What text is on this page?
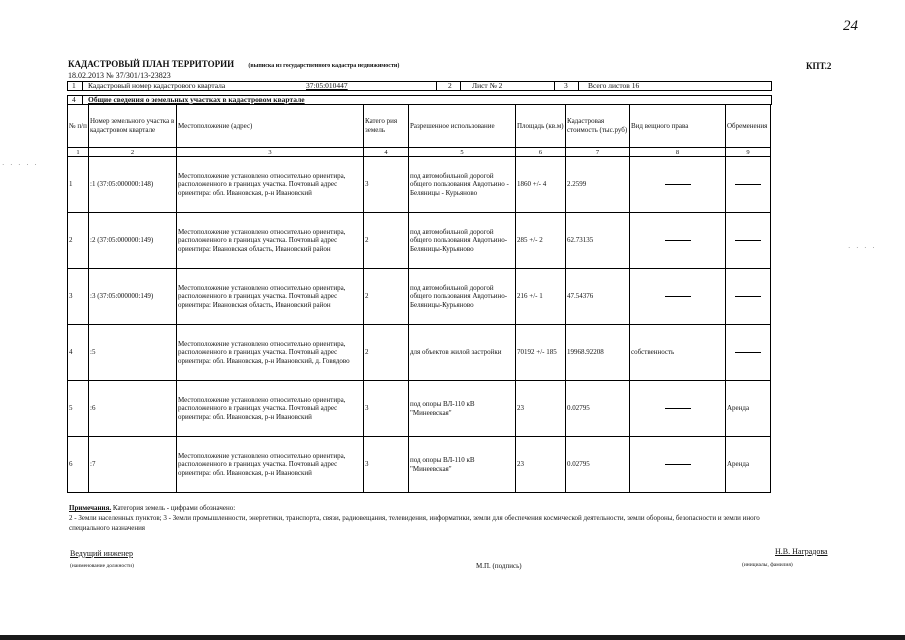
24
КАДАСТРОВЫЙ ПЛАН ТЕРРИТОРИИ (выписка из государственного кадастра недвижимости)	КПТ.2
18.02.2013 № 37/301/13-23823
1 Кадастровый номер кадастрового квартала	37:05:010447	2	Лист № 2	3	Всего листов 16
4 Общие сведения о земельных участках в кадастровом квартале
№ п/п	Номер земельного участка в кадастровом квартале	Местоположение (адрес)	Катего рия земель	Разрешенное использование	Площадь (кв.м)	Кадастровая стоимость (тыс.руб)	Вид вещного права	Обременения
1	2	3	4	5	6	7	8	9
1	:1 (37:05:000000:148)	Местоположение установлено относительно ориентира, расположенного в границах участка. Почтовый адрес ориентира: обл. Ивановская, р-н Ивановский	3	под автомобильной дорогой общего пользования Авдотьино - Беляницы - Курьяново	1860 +/- 4	2.2599		
2	:2 (37:05:000000:149)	Местоположение установлено относительно ориентира, расположенного в границах участка. Почтовый адрес ориентира: Ивановская область, Ивановский район	2	под автомобильной дорогой общего пользования Авдотьино-Беляницы-Курьяново	285 +/- 2	62.73135		
3	:3 (37:05:000000:149)	Местоположение установлено относительно ориентира, расположенного в границах участка. Почтовый адрес ориентира: Ивановская область, Ивановский район	2	под автомобильной дорогой общего пользования Авдотьино-Беляницы-Курьяново	216 +/- 1	47.54376		
4	:5	Местоположение установлено относительно ориентира, расположенного в границах участка. Почтовый адрес ориентира: обл. Ивановская, р-н Ивановский, д. Говядово	2	для объектов жилой застройки	70192 +/- 185	19968.92208	собственность	
5	:6	Местоположение установлено относительно ориентира, расположенного в границах участка. Почтовый адрес ориентира: обл. Ивановская, р-н Ивановский	3	под опоры ВЛ-110 кВ "Минеевская"	23	0.02795		Аренда
6	:7	Местоположение установлено относительно ориентира, расположенного в границах участка. Почтовый адрес ориентира: обл. Ивановская, р-н Ивановский	3	под опоры ВЛ-110 кВ "Минеевская"	23	0.02795		Аренда
Примечания. Категория земель - цифрами обозначено:
2 - Земли населенных пунктов; 3 - Земли промышленности, энергетики, транспорта, связи, радиовещания, телевидения, информатики, земли для обеспечения космической деятельности, земли обороны, безопасности и земли иного специального назначения
Ведущий инженер
(наименование должности)	М.П. (подпись)
Н.В. Наградова
(инициалы, фамилия)
· · · · ·
· · · ·
